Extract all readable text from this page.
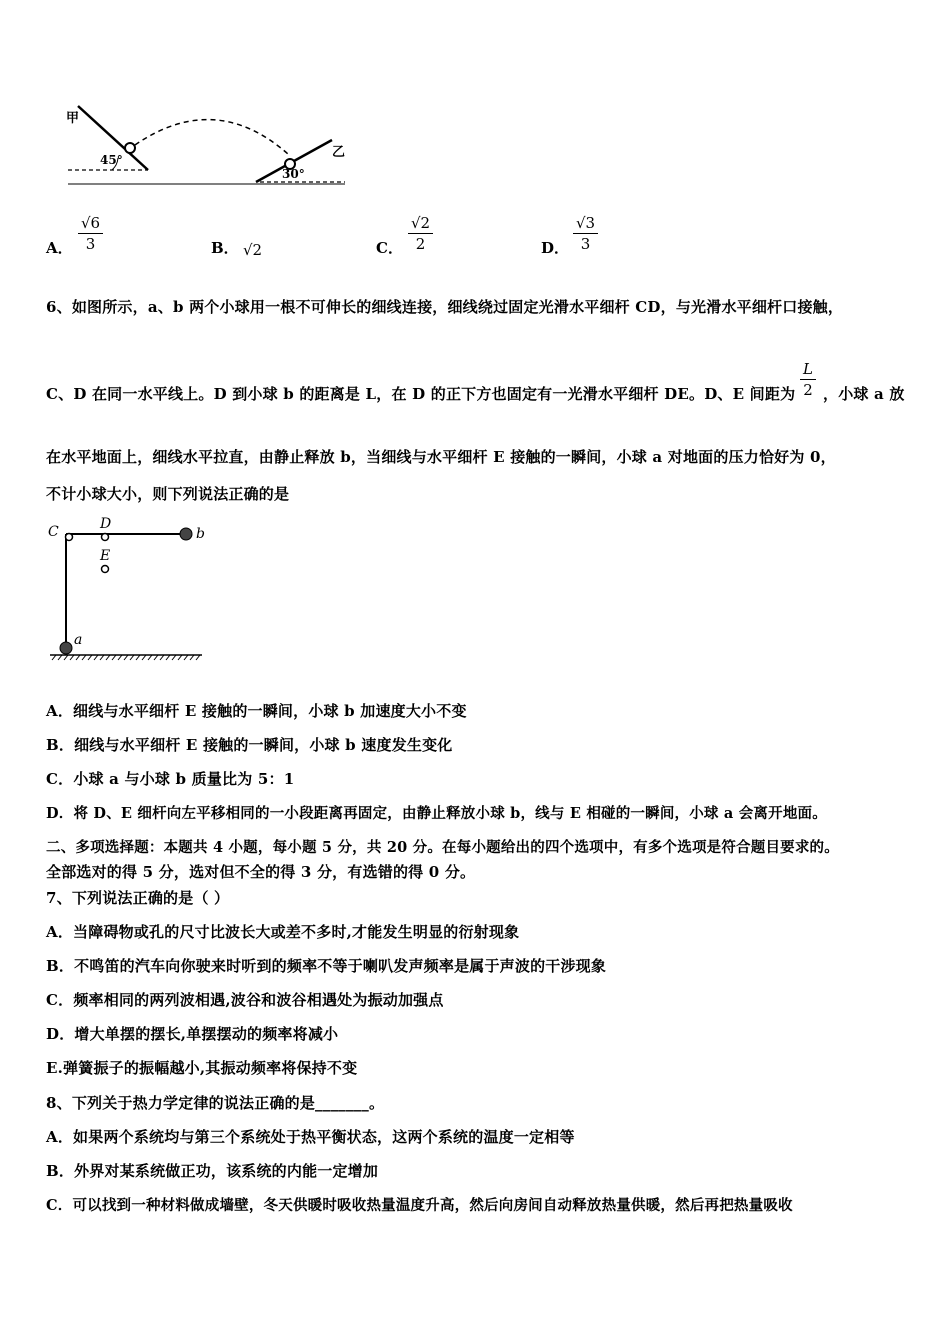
甲
45°
30°
乙
A． $\frac{√6}{3}$	B． √2	C． $\frac{√2}{2}$	D． $\frac{√3}{3}$
6、如图所示，a、b 两个小球用一根不可伸长的细线连接，细线绕过固定光滑水平细杆 CD，与光滑水平细杆口接触，
C、D 在同一水平线上。D 到小球 b 的距离是 L，在 D 的正下方也固定有一光滑水平细杆 DE。D、E 间距为 $\frac{L}{2}$ ，小球 a 放
在水平地面上，细线水平拉直，由静止释放 b，当细线与水平细杆 E 接触的一瞬间，小球 a 对地面的压力恰好为 0，
不计小球大小，则下列说法正确的是
C	D
E
b
a
A．细线与水平细杆 E 接触的一瞬间，小球 b 加速度大小不变
B．细线与水平细杆 E 接触的一瞬间，小球 b 速度发生变化
C．小球 a 与小球 b 质量比为 5：1
D．将 D、E 细杆向左平移相同的一小段距离再固定，由静止释放小球 b，线与 E 相碰的一瞬间，小球 a 会离开地面。
二、多项选择题：本题共 4 小题，每小题 5 分，共 20 分。在每小题给出的四个选项中，有多个选项是符合题目要求的。
全部选对的得 5 分，选对但不全的得 3 分，有选错的得 0 分。
7、下列说法正确的是（ ）
A．当障碍物或孔的尺寸比波长大或差不多时,才能发生明显的衍射现象
B．不鸣笛的汽车向你驶来时听到的频率不等于喇叭发声频率是属于声波的干涉现象
C．频率相同的两列波相遇,波谷和波谷相遇处为振动加强点
D．增大单摆的摆长,单摆摆动的频率将减小
E.弹簧振子的振幅越小,其振动频率将保持不变
8、下列关于热力学定律的说法正确的是_______。
A．如果两个系统均与第三个系统处于热平衡状态，这两个系统的温度一定相等
B．外界对某系统做正功，该系统的内能一定增加
C．可以找到一种材料做成墙壁，冬天供暖时吸收热量温度升高，然后向房间自动释放热量供暖，然后再把热量吸收
